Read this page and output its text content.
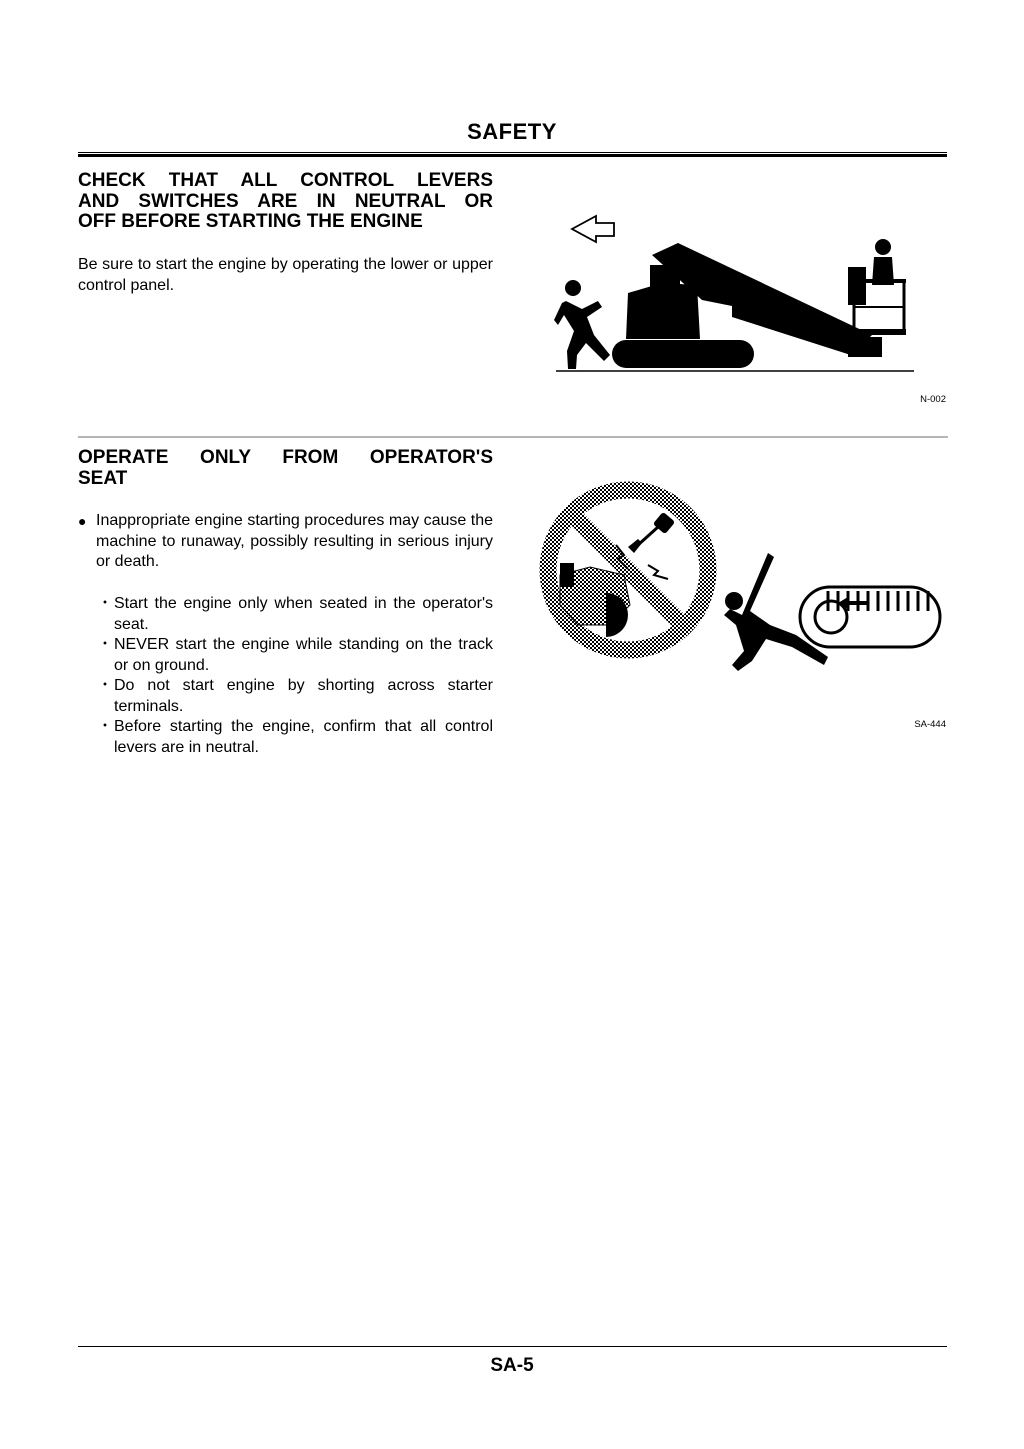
SAFETY
CHECK THAT ALL CONTROL LEVERS
AND SWITCHES ARE IN NEUTRAL OR
OFF BEFORE STARTING THE ENGINE
Be sure to start the engine by operating the lower or upper control panel.
N-002
OPERATE ONLY FROM OPERATOR'S
SEAT
● Inappropriate engine starting procedures may cause the machine to runaway, possibly resulting in serious injury or death.
・ Start the engine only when seated in the operator's seat.
・ NEVER start the engine while standing on the track or on ground.
・ Do not start engine by shorting across starter terminals.
・ Before starting the engine, confirm that all control levers are in neutral.
SA-444
SA-5
